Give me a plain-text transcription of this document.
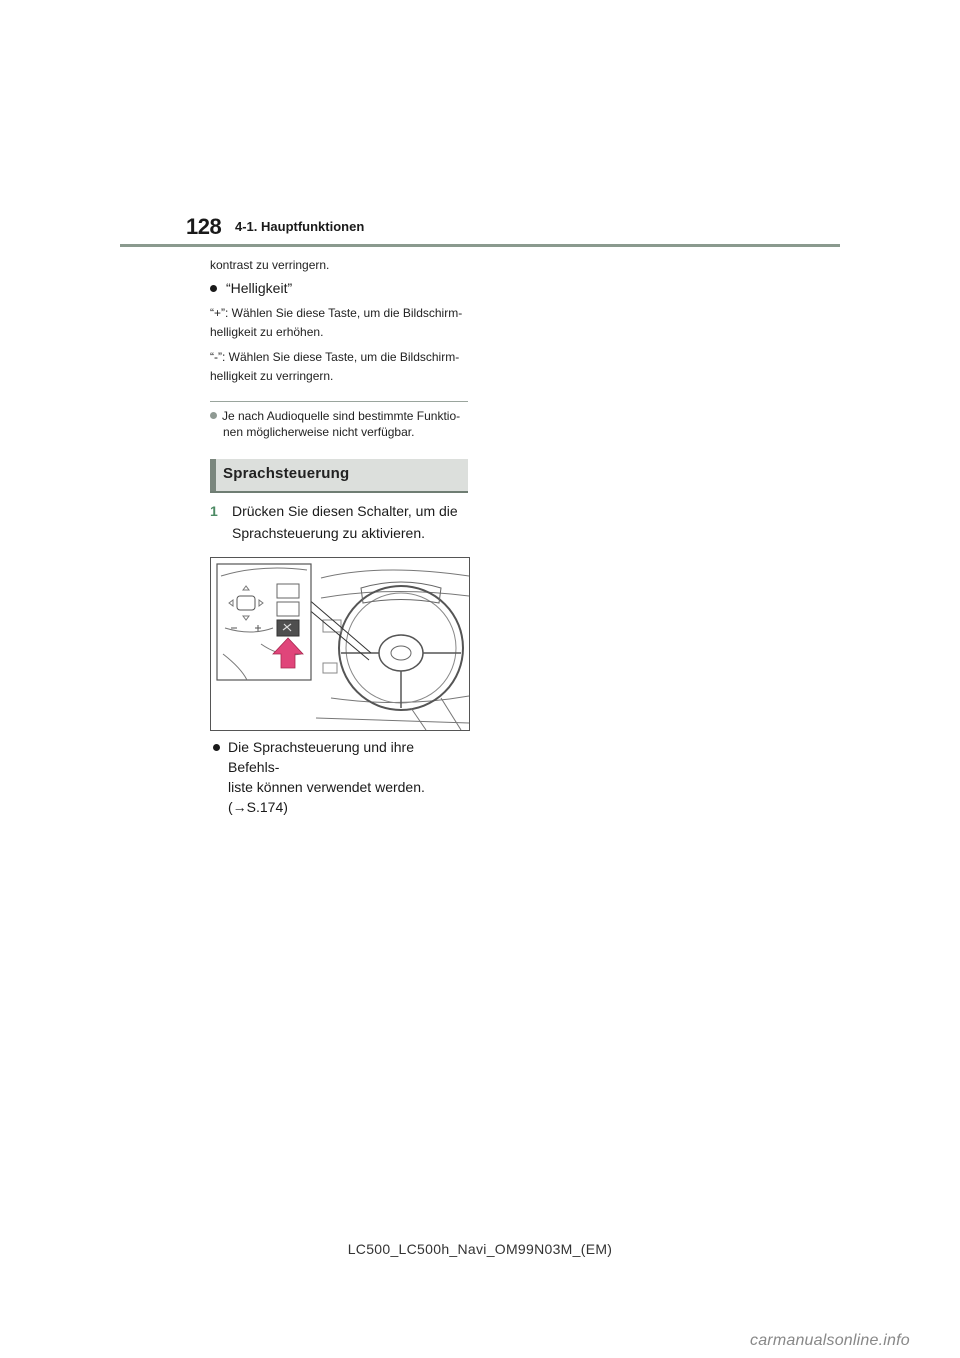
128 4-1. Hauptfunktionen
kontrast zu verringern.
“Helligkeit”
“+”: Wählen Sie diese Taste, um die Bildschirm-
helligkeit zu erhöhen.
“-”: Wählen Sie diese Taste, um die Bildschirm-
helligkeit zu verringern.
Je nach Audioquelle sind bestimmte Funktio-
nen möglicherweise nicht verfügbar.
Sprachsteuerung
1 Drücken Sie diesen Schalter, um die
Sprachsteuerung zu aktivieren.
Die Sprachsteuerung und ihre Befehls-
liste können verwendet werden.
(→S.174)
LC500_LC500h_Navi_OM99N03M_(EM)
carmanualsonline.info
